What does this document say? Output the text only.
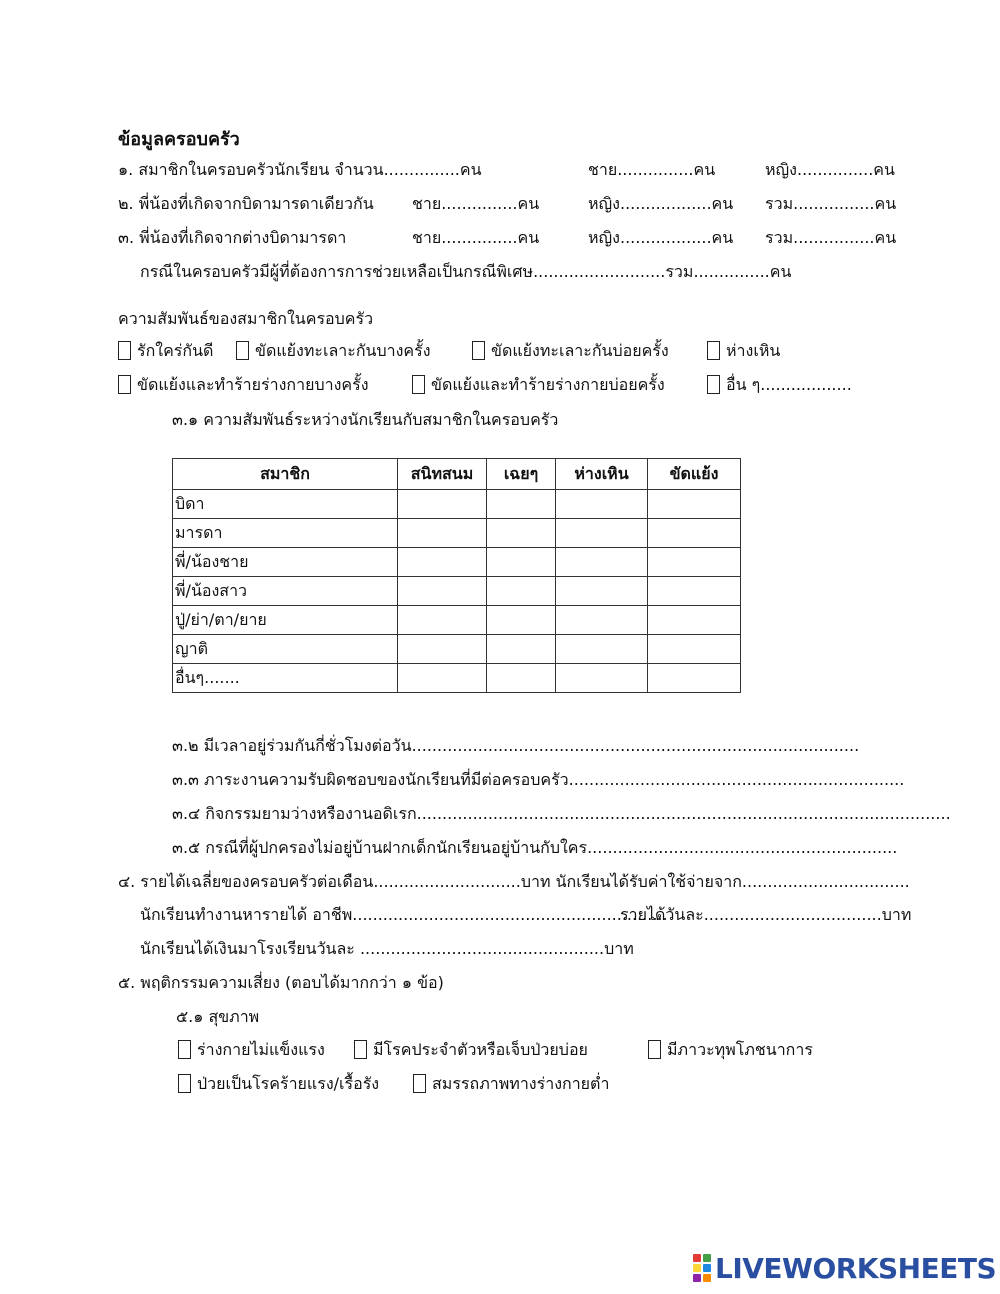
ข้อมูลครอบครัว
๑. สมาชิกในครอบครัวนักเรียน จำนวน...............คน	ชาย...............คน	หญิง...............คน
๒. พี่น้องที่เกิดจากบิดามารดาเดียวกัน ชาย...............คน	หญิง..................คน รวม................คน
๓. พี่น้องที่เกิดจากต่างบิดามารดา	ชาย...............คน	หญิง..................คน รวม................คน
กรณีในครอบครัวมีผู้ที่ต้องการการช่วยเหลือเป็นกรณีพิเศษ..........................รวม...............คน
ความสัมพันธ์ของสมาชิกในครอบครัว
รักใคร่กันดี	ขัดแย้งทะเลาะกันบางครั้ง	ขัดแย้งทะเลาะกันบ่อยครั้ง	ห่างเหิน
ขัดแย้งและทำร้ายร่างกายบางครั้ง	ขัดแย้งและทำร้ายร่างกายบ่อยครั้ง	อื่น ๆ..................
๓.๑ ความสัมพันธ์ระหว่างนักเรียนกับสมาชิกในครอบครัว
สมาชิก	สนิทสนม	เฉยๆ	ห่างเหิน	ขัดแย้ง
บิดา				
มารดา				
พี่/น้องชาย				
พี่/น้องสาว				
ปู่/ย่า/ตา/ยาย				
ญาติ				
อื่นๆ.......				
๓.๒ มีเวลาอยู่ร่วมกันกี่ชั่วโมงต่อวัน........................................................................................
๓.๓ ภาระงานความรับผิดชอบของนักเรียนที่มีต่อครอบครัว..................................................................
๓.๔ กิจกรรมยามว่างหรืองานอดิเรก.........................................................................................................
๓.๕ กรณีที่ผู้ปกครองไม่อยู่บ้านฝากเด็กนักเรียนอยู่บ้านกับใคร.............................................................
๔. รายได้เฉลี่ยของครอบครัวต่อเดือน.............................บาท นักเรียนได้รับค่าใช้จ่ายจาก.................................
นักเรียนทำงานหารายได้ อาชีพ..............................................................
รายได้วันละ...................................บาท
นักเรียนได้เงินมาโรงเรียนวันละ ................................................บาท
๕. พฤติกรรมความเสี่ยง (ตอบได้มากกว่า ๑ ข้อ)
๕.๑ สุขภาพ
ร่างกายไม่แข็งแรง	มีโรคประจำตัวหรือเจ็บป่วยบ่อย	มีภาวะทุพโภชนาการ
ป่วยเป็นโรคร้ายแรง/เรื้อรัง	สมรรถภาพทางร่างกายต่ำ
LIVEWORKSHEETS
